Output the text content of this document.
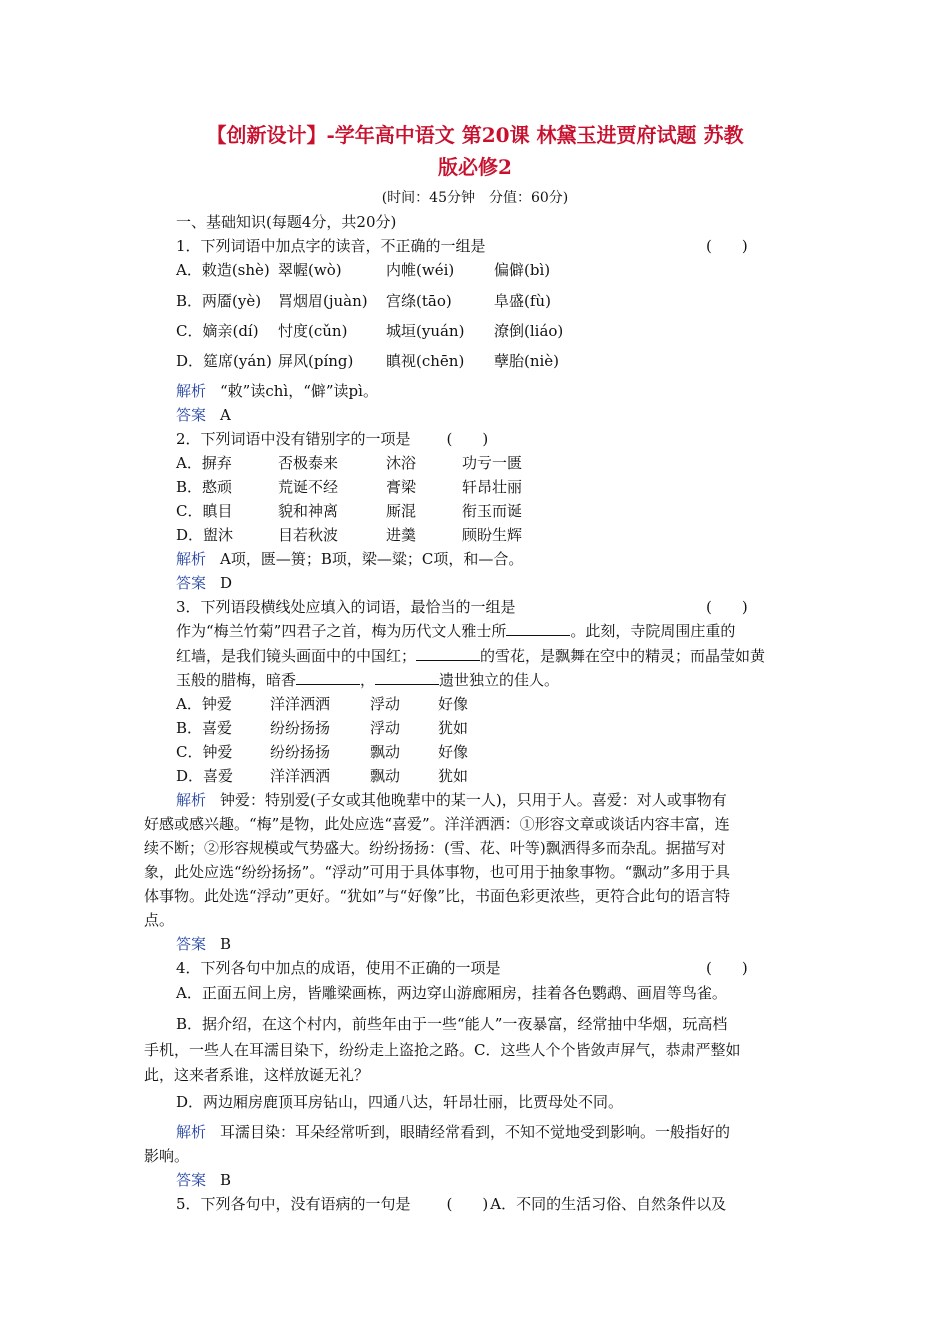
【创新设计】-学年高中语文 第20课 林黛玉进贾府试题 苏教
版必修2
(时间：45分钟　分值：60分)
一、基础知识(每题4分，共20分)
1．下列词语中加点字的读音，不正确的一组是	(　　)
A．敕造(shè) 翠幄(wò)	内帷(wéi)	偏僻(bì)
B．两靥(yè) 罥烟眉(juàn) 宫绦(tāo)	阜盛(fù)
C．嫡亲(dí) 忖度(cǔn)	城垣(yuán) 潦倒(liáo)
D．筵席(yán) 屏风(píng) 瞋视(chēn) 孽胎(niè)
解析 “敕”读chì，“僻”读pì。
答案 A
2．下列词语中没有错别字的一项是 (　　)
A．摒弃	否极泰来	沐浴	功亏一匮
B．憨顽	荒诞不经	膏梁	轩昂壮丽
C．瞋目	貌和神离	厮混	衔玉而诞
D．盥沐	目若秋波	进羹	顾盼生辉
解析 A项，匮—篑；B项，梁—粱；C项，和—合。
答案 D
3．下列语段横线处应填入的词语，最恰当的一组是	(　　)
作为“梅兰竹菊”四君子之首，梅为历代文人雅士所	。此刻，寺院周围庄重的
红墙，是我们镜头画面中的中国红；	的雪花，是飘舞在空中的精灵；而晶莹如黄
玉般的腊梅，暗香	，	遗世独立的佳人。
A．钟爱	洋洋洒洒	浮动	好像
B．喜爱	纷纷扬扬	浮动	犹如
C．钟爱	纷纷扬扬	飘动	好像
D．喜爱 洋洋洒洒	飘动	犹如
解析 钟爱：特别爱(子女或其他晚辈中的某一人)，只用于人。喜爱：对人或事物有
好感或感兴趣。“梅”是物，此处应选“喜爱”。洋洋洒洒：①形容文章或谈话内容丰富，连
续不断；②形容规模或气势盛大。纷纷扬扬：(雪、花、叶等)飘洒得多而杂乱。据描写对
象，此处应选“纷纷扬扬”。“浮动”可用于具体事物，也可用于抽象事物。“飘动”多用于具
体事物。此处选“浮动”更好。“犹如”与“好像”比，书面色彩更浓些，更符合此句的语言特
点。
答案 B
4．下列各句中加点的成语，使用不正确的一项是	(　　)
A．正面五间上房，皆雕梁画栋，两边穿山游廊厢房，挂着各色鹦鹉、画眉等鸟雀。
B．据介绍，在这个村内，前些年由于一些“能人”一夜暴富，经常抽中华烟，玩高档
手机，一些人在耳濡目染下，纷纷走上盗抢之路。C．这些人个个皆敛声屏气，恭肃严整如
此，这来者系谁，这样放诞无礼？
D．两边厢房鹿顶耳房钻山，四通八达，轩昂壮丽，比贾母处不同。
解析 耳濡目染：耳朵经常听到，眼睛经常看到，不知不觉地受到影响。一般指好的
影响。
答案 B
5．下列各句中，没有语病的一句是 (　　) A．不同的生活习俗、自然条件以及
